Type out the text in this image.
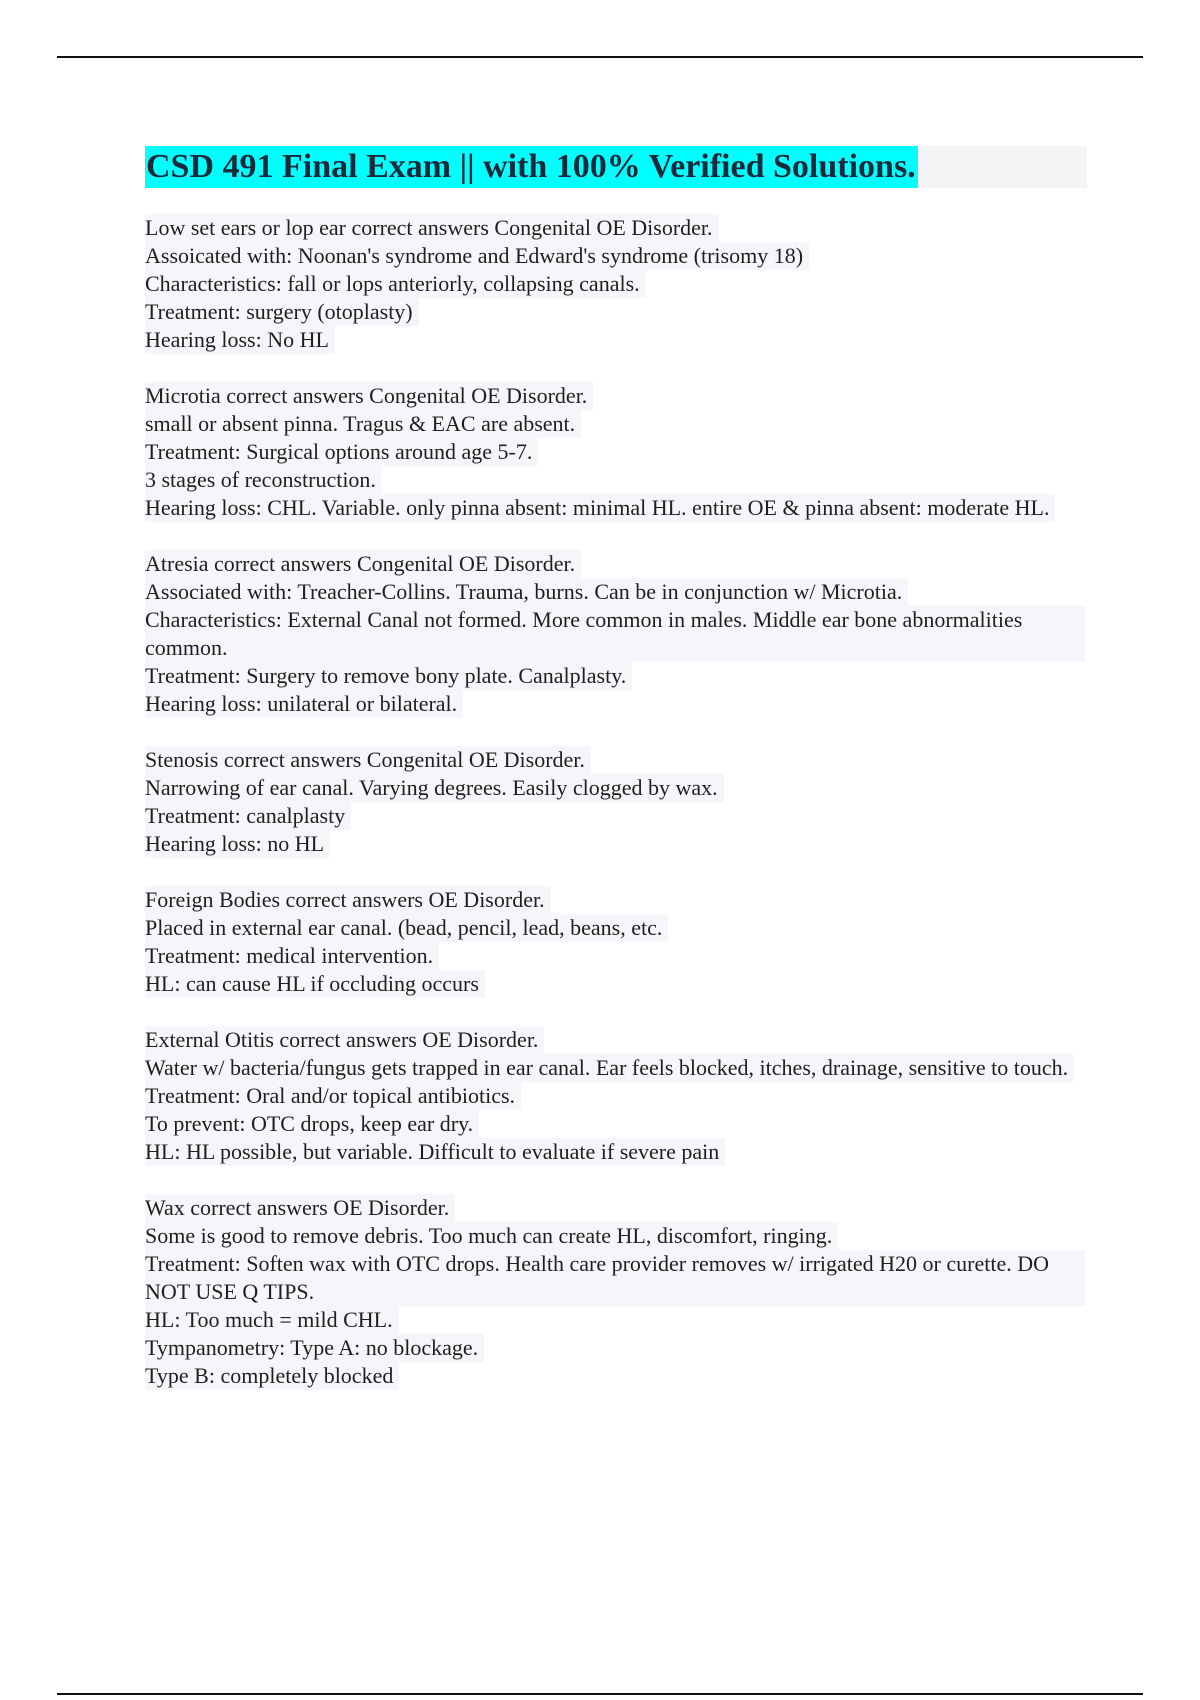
CSD 491 Final Exam || with 100% Verified Solutions.
Low set ears or lop ear correct answers Congenital OE Disorder.
Assoicated with: Noonan's syndrome and Edward's syndrome (trisomy 18)
Characteristics: fall or lops anteriorly, collapsing canals.
Treatment: surgery (otoplasty)
Hearing loss: No HL
Microtia correct answers Congenital OE Disorder.
small or absent pinna. Tragus & EAC are absent.
Treatment: Surgical options around age 5-7.
3 stages of reconstruction.
Hearing loss: CHL. Variable. only pinna absent: minimal HL. entire OE & pinna absent: moderate HL.
Atresia correct answers Congenital OE Disorder.
Associated with: Treacher-Collins. Trauma, burns. Can be in conjunction w/ Microtia.
Characteristics: External Canal not formed. More common in males. Middle ear bone abnormalities common.
Treatment: Surgery to remove bony plate. Canalplasty.
Hearing loss: unilateral or bilateral.
Stenosis correct answers Congenital OE Disorder.
Narrowing of ear canal. Varying degrees. Easily clogged by wax.
Treatment: canalplasty
Hearing loss: no HL
Foreign Bodies correct answers OE Disorder.
Placed in external ear canal. (bead, pencil, lead, beans, etc.
Treatment: medical intervention.
HL: can cause HL if occluding occurs
External Otitis correct answers OE Disorder.
Water w/ bacteria/fungus gets trapped in ear canal. Ear feels blocked, itches, drainage, sensitive to touch.
Treatment: Oral and/or topical antibiotics.
To prevent: OTC drops, keep ear dry.
HL: HL possible, but variable. Difficult to evaluate if severe pain
Wax correct answers OE Disorder.
Some is good to remove debris. Too much can create HL, discomfort, ringing.
Treatment: Soften wax with OTC drops. Health care provider removes w/ irrigated H20 or curette. DO NOT USE Q TIPS.
HL: Too much = mild CHL.
Tympanometry: Type A: no blockage.
Type B: completely blocked
